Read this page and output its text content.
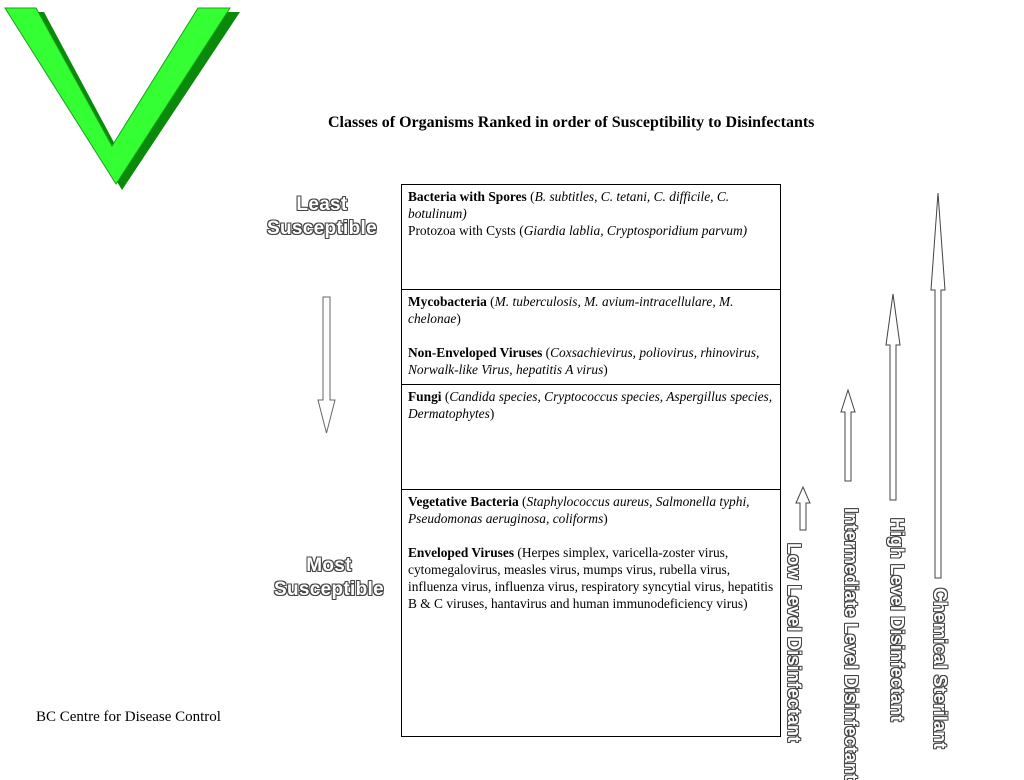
Classes of Organisms Ranked in order of Susceptibility to Disinfectants
Least
Susceptible
Most
Susceptible

Bacteria with Spores (B. subtitles, C. tetani, C. difficile, C. botulinum)

Protozoa with Cysts (Giardia lablia, Cryptosporidium parvum)

Mycobacteria (M. tuberculosis, M. avium-intracellulare, M. chelonae)

Non-Enveloped Viruses (Coxsachievirus, poliovirus, rhinovirus, Norwalk-like Virus, hepatitis A virus)

Fungi (Candida species, Cryptococcus species, Aspergillus species, Dermatophytes)

Vegetative Bacteria (Staphylococcus aureus, Salmonella typhi, Pseudomonas aeruginosa, coliforms)

Enveloped Viruses (Herpes simplex, varicella-zoster virus, cytomegalovirus, measles virus, mumps virus, rubella virus, influenza virus, influenza virus, respiratory syncytial virus, hepatitis B & C viruses, hantavirus and human immunodeficiency virus)	Low Level Disinfectant Intermediate Level Disinfectant High Level Disinfectant Chemical Sterilant
BC Centre for Disease Control
